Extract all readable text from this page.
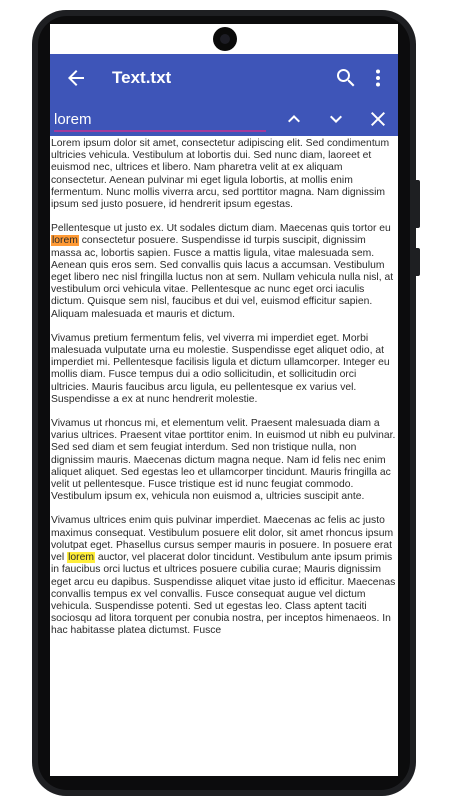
Text.txt
lorem

Lorem ipsum dolor sit amet, consectetur adipiscing elit. Sed condimentum ultricies vehicula. Vestibulum at lobortis dui. Sed nunc diam, laoreet et euismod nec, ultrices et libero. Nam pharetra velit at ex aliquam consectetur. Aenean pulvinar mi eget ligula lobortis, at mollis enim fermentum. Nunc mollis viverra arcu, sed porttitor magna. Nam dignissim ipsum sed justo posuere, id hendrerit ipsum egestas.

Pellentesque ut justo ex. Ut sodales dictum diam. Maecenas quis tortor eu lorem consectetur posuere. Suspendisse id turpis suscipit, dignissim massa ac, lobortis sapien. Fusce a mattis ligula, vitae malesuada sem. Aenean quis eros sem. Sed convallis quis lacus a accumsan. Vestibulum eget libero nec nisl fringilla luctus non at sem. Nullam vehicula nulla nisl, at vestibulum orci vehicula vitae. Pellentesque ac nunc eget orci iaculis dictum. Quisque sem nisl, faucibus et dui vel, euismod efficitur sapien. Aliquam malesuada et mauris et dictum.

Vivamus pretium fermentum felis, vel viverra mi imperdiet eget. Morbi malesuada vulputate urna eu molestie. Suspendisse eget aliquet odio, at imperdiet mi. Pellentesque facilisis ligula et dictum ullamcorper. Integer eu mollis diam. Fusce tempus dui a odio sollicitudin, et sollicitudin orci ultricies. Mauris faucibus arcu ligula, eu pellentesque ex varius vel. Suspendisse a ex at nunc hendrerit molestie.

Vivamus ut rhoncus mi, et elementum velit. Praesent malesuada diam a varius ultrices. Praesent vitae porttitor enim. In euismod ut nibh eu pulvinar. Sed sed diam et sem feugiat interdum. Sed non tristique nulla, non dignissim mauris. Maecenas dictum magna neque. Nam id felis nec enim aliquet aliquet. Sed egestas leo et ullamcorper tincidunt. Mauris fringilla ac velit ut pellentesque. Fusce tristique est id nunc feugiat commodo. Vestibulum ipsum ex, vehicula non euismod a, ultricies suscipit ante.

Vivamus ultrices enim quis pulvinar imperdiet. Maecenas ac felis ac justo maximus consequat. Vestibulum posuere elit dolor, sit amet rhoncus ipsum volutpat eget. Phasellus cursus semper mauris in posuere. In posuere erat vel lorem auctor, vel placerat dolor tincidunt. Vestibulum ante ipsum primis in faucibus orci luctus et ultrices posuere cubilia curae; Mauris dignissim eget arcu eu dapibus. Suspendisse aliquet vitae justo id efficitur. Maecenas convallis tempus ex vel convallis. Fusce consequat augue vel dictum vehicula. Suspendisse potenti. Sed ut egestas leo. Class aptent taciti sociosqu ad litora torquent per conubia nostra, per inceptos himenaeos. In hac habitasse platea dictumst. Fusce
